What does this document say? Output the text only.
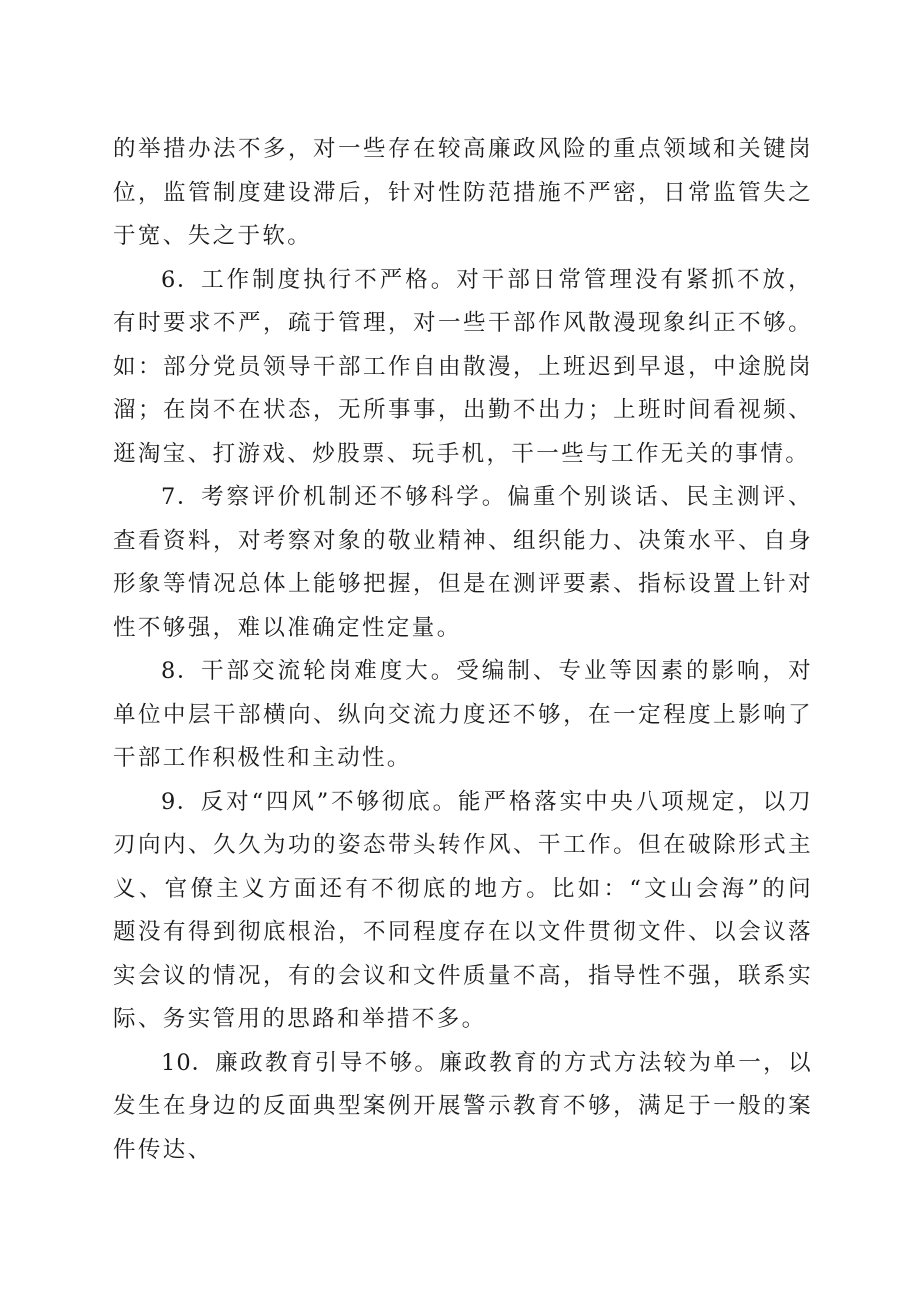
的举措办法不多，对一些存在较高廉政风险的重点领域和关键岗位，监管制度建设滞后，针对性防范措施不严密，日常监管失之于宽、失之于软。

6．工作制度执行不严格。对干部日常管理没有紧抓不放，有时要求不严，疏于管理，对一些干部作风散漫现象纠正不够。如：部分党员领导干部工作自由散漫，上班迟到早退，中途脱岗溜；在岗不在状态，无所事事，出勤不出力；上班时间看视频、逛淘宝、打游戏、炒股票、玩手机，干一些与工作无关的事情。

7．考察评价机制还不够科学。偏重个别谈话、民主测评、查看资料，对考察对象的敬业精神、组织能力、决策水平、自身形象等情况总体上能够把握，但是在测评要素、指标设置上针对性不够强，难以准确定性定量。

8．干部交流轮岗难度大。受编制、专业等因素的影响，对单位中层干部横向、纵向交流力度还不够，在一定程度上影响了干部工作积极性和主动性。

9．反对“四风”不够彻底。能严格落实中央八项规定，以刀刃向内、久久为功的姿态带头转作风、干工作。但在破除形式主义、官僚主义方面还有不彻底的地方。比如：“文山会海”的问题没有得到彻底根治，不同程度存在以文件贯彻文件、以会议落实会议的情况，有的会议和文件质量不高，指导性不强，联系实际、务实管用的思路和举措不多。

10．廉政教育引导不够。廉政教育的方式方法较为单一，以发生在身边的反面典型案例开展警示教育不够，满足于一般的案件传达、
